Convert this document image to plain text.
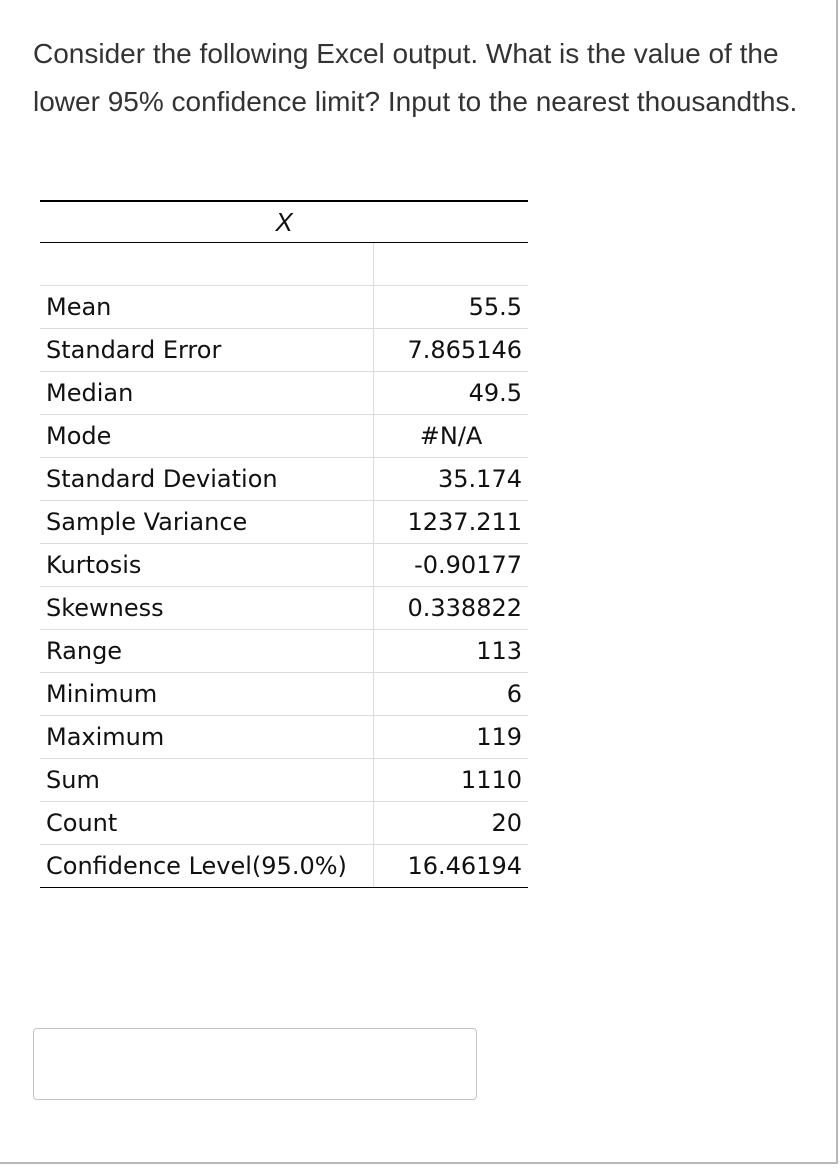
Consider the following Excel output. What is the value of the lower 95% confidence limit? Input to the nearest thousandths.

X	

Mean	55.5
Standard Error	7.865146
Median	49.5
Mode	#N/A
Standard Deviation	35.174
Sample Variance	1237.211
Kurtosis	-0.90177
Skewness	0.338822
Range	113
Minimum	6
Maximum	119
Sum	1110
Count	20
Confidence Level(95.0%)	16.46194
